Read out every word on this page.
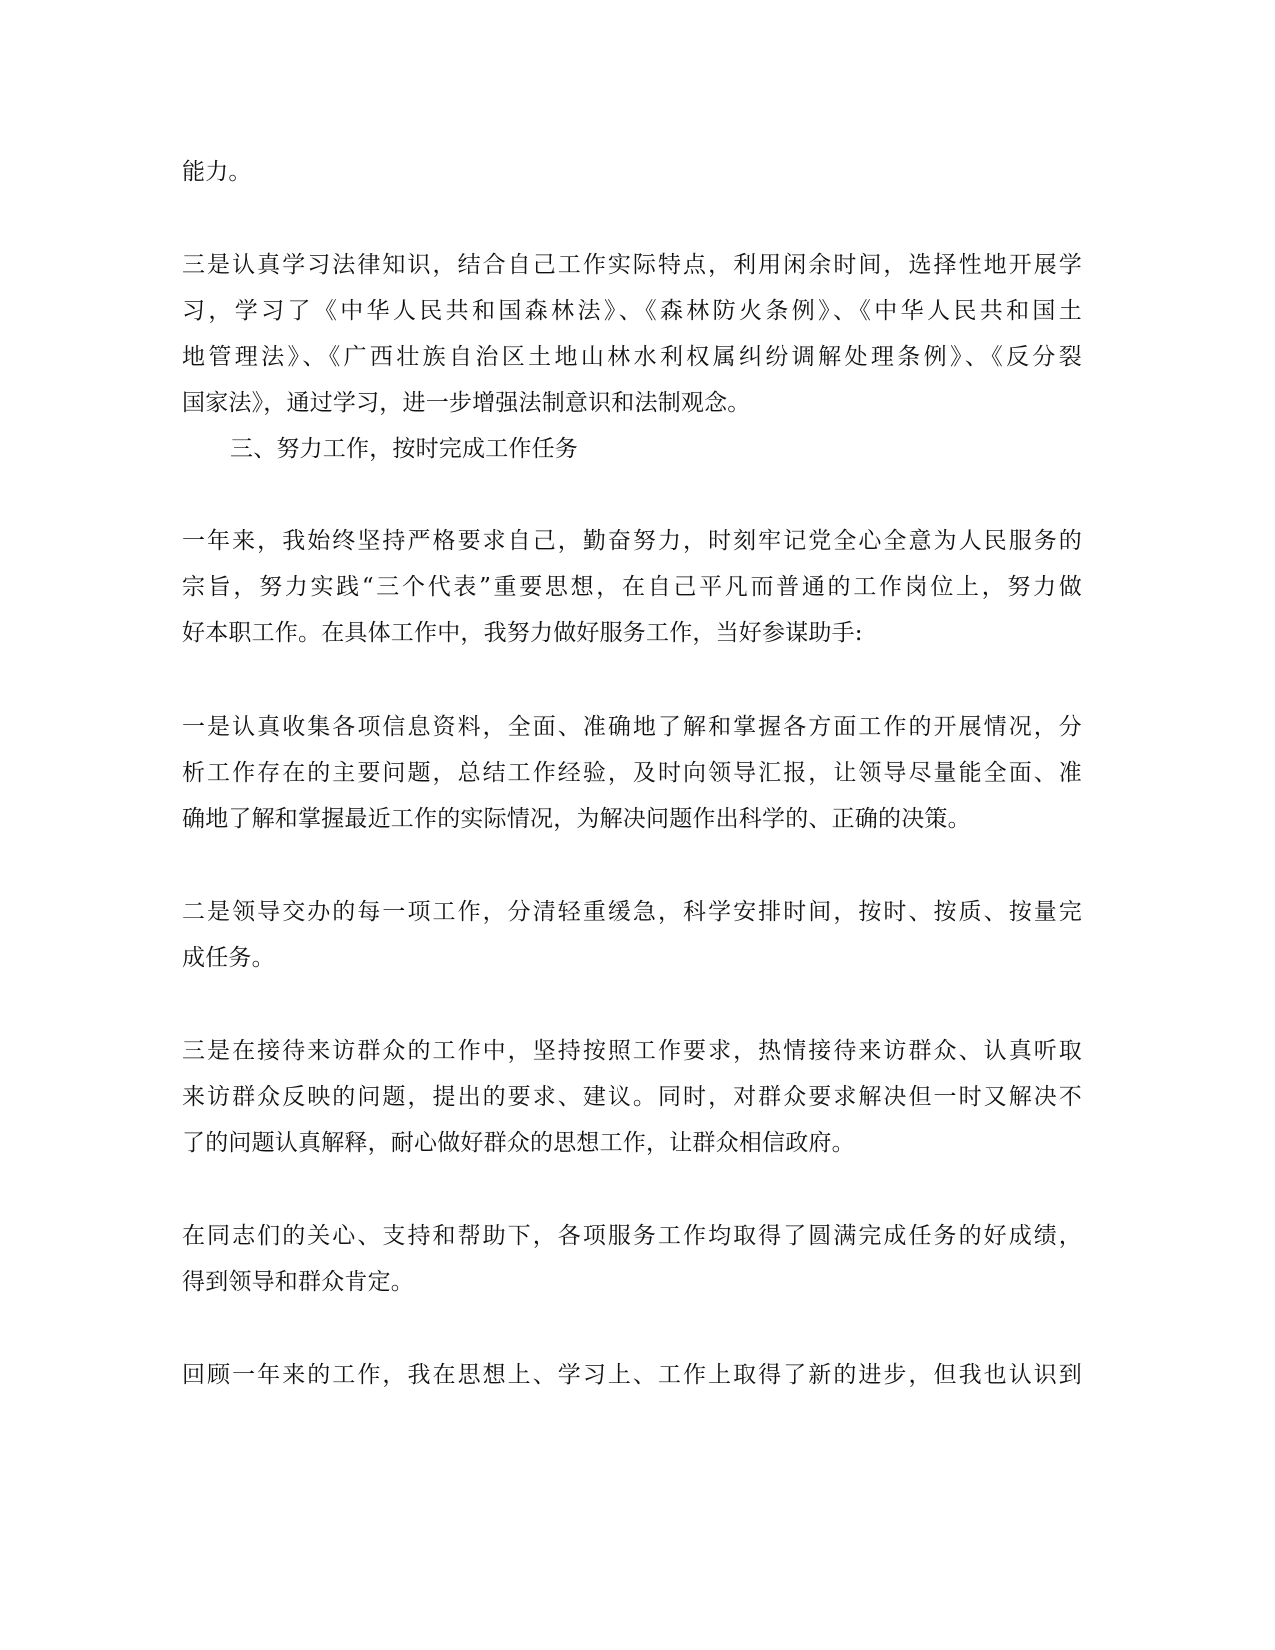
能力。
三是认真学习法律知识，结合自己工作实际特点，利用闲余时间，选择性地开展学
习，学习了《中华人民共和国森林法》、《森林防火条例》、《中华人民共和国土
地管理法》、《广西壮族自治区土地山林水利权属纠纷调解处理条例》、《反分裂
国家法》，通过学习，进一步增强法制意识和法制观念。
三、努力工作，按时完成工作任务
一年来，我始终坚持严格要求自己，勤奋努力，时刻牢记党全心全意为人民服务的
宗旨，努力实践“三个代表”重要思想，在自己平凡而普通的工作岗位上，努力做
好本职工作。在具体工作中，我努力做好服务工作，当好参谋助手:
一是认真收集各项信息资料，全面、准确地了解和掌握各方面工作的开展情况，分
析工作存在的主要问题，总结工作经验，及时向领导汇报，让领导尽量能全面、准
确地了解和掌握最近工作的实际情况，为解决问题作出科学的、正确的决策。
二是领导交办的每一项工作，分清轻重缓急，科学安排时间，按时、按质、按量完
成任务。
三是在接待来访群众的工作中，坚持按照工作要求，热情接待来访群众、认真听取
来访群众反映的问题，提出的要求、建议。同时，对群众要求解决但一时又解决不
了的问题认真解释，耐心做好群众的思想工作，让群众相信政府。
在同志们的关心、支持和帮助下，各项服务工作均取得了圆满完成任务的好成绩，
得到领导和群众肯定。
回顾一年来的工作，我在思想上、学习上、工作上取得了新的进步，但我也认识到
